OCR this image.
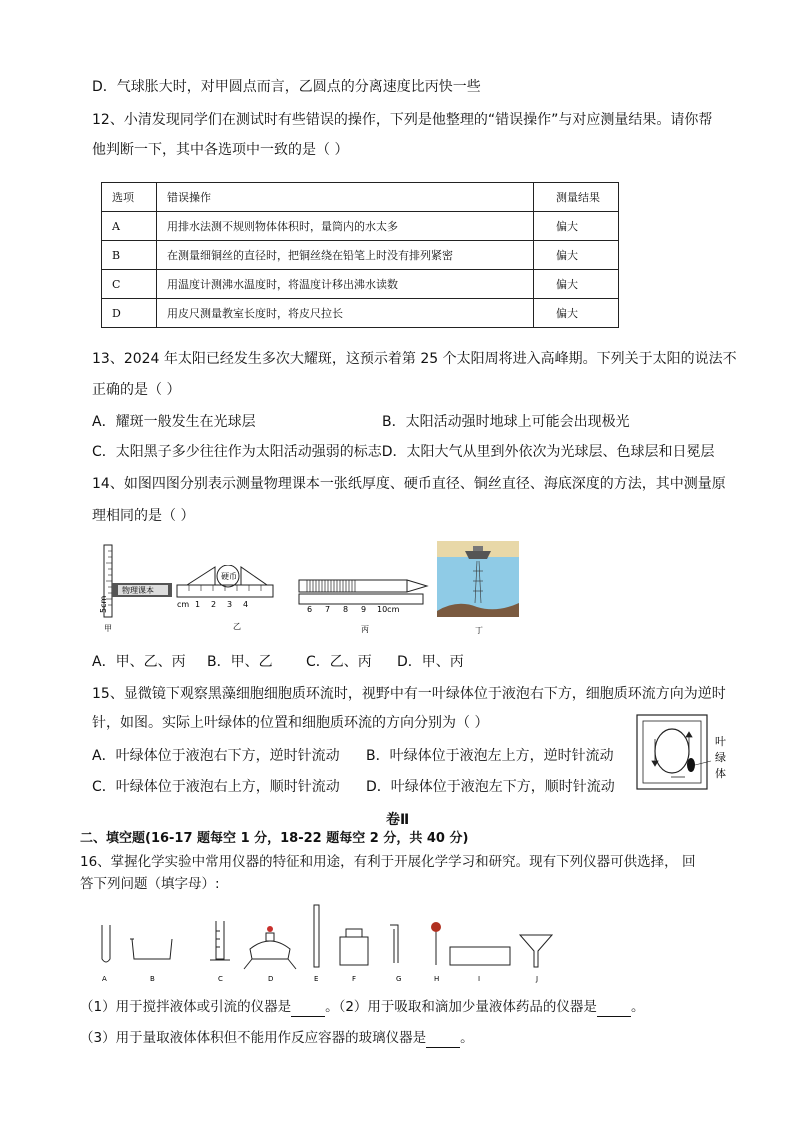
D．气球胀大时，对甲圆点而言，乙圆点的分离速度比丙快一些
12、小清发现同学们在测试时有些错误的操作，下列是他整理的“错误操作”与对应测量结果。请你帮
他判断一下，其中各选项中一致的是（ ）
选项	错误操作	测量结果
A	用排水法测不规则物体体积时，量筒内的水太多	偏大
B	在测量细铜丝的直径时，把铜丝绕在铅笔上时没有排列紧密	偏大
C	用温度计测沸水温度时，将温度计移出沸水读数	偏大
D	用皮尺测量教室长度时，将皮尺拉长	偏大
13、2024 年太阳已经发生多次大耀斑，这预示着第 25 个太阳周将进入高峰期。下列关于太阳的说法不
正确的是（ ）
A．耀斑一般发生在光球层	B．太阳活动强时地球上可能会出现极光
C．太阳黑子多少往往作为太阳活动强弱的标志D．太阳大气从里到外依次为光球层、色球层和日冕层
14、如图四图分别表示测量物理课本一张纸厚度、硬币直径、铜丝直径、海底深度的方法，其中测量原
理相同的是（ ）
物理课本
5cm
甲
硬币
cm 1 2 3 4
乙
6 7 8 9 10cm
丙	丁
A．甲、乙、丙 B．甲、乙 C．乙、丙 D．甲、丙
15、显微镜下观察黑藻细胞细胞质环流时，视野中有一叶绿体位于液泡右下方，细胞质环流方向为逆时
针，如图。实际上叶绿体的位置和细胞质环流的方向分别为（ ）
A．叶绿体位于液泡右下方，逆时针流动 B．叶绿体位于液泡左上方，逆时针流动
C．叶绿体位于液泡右上方，顺时针流动 D．叶绿体位于液泡左下方，顺时针流动
叶
绿
体
卷Ⅱ
二、填空题(16-17 题每空 1 分，18-22 题每空 2 分，共 40 分)
16、掌握化学实验中常用仪器的特征和用途，有利于开展化学学习和研究。现有下列仪器可供选择， 回
答下列问题（填字母）:
A	B	C	D	E	F	G	H	I	J
（1）用于搅拌液体或引流的仪器是	。（2）用于吸取和滴加少量液体药品的仪器是	。
（3）用于量取液体体积但不能用作反应容器的玻璃仪器是	。
